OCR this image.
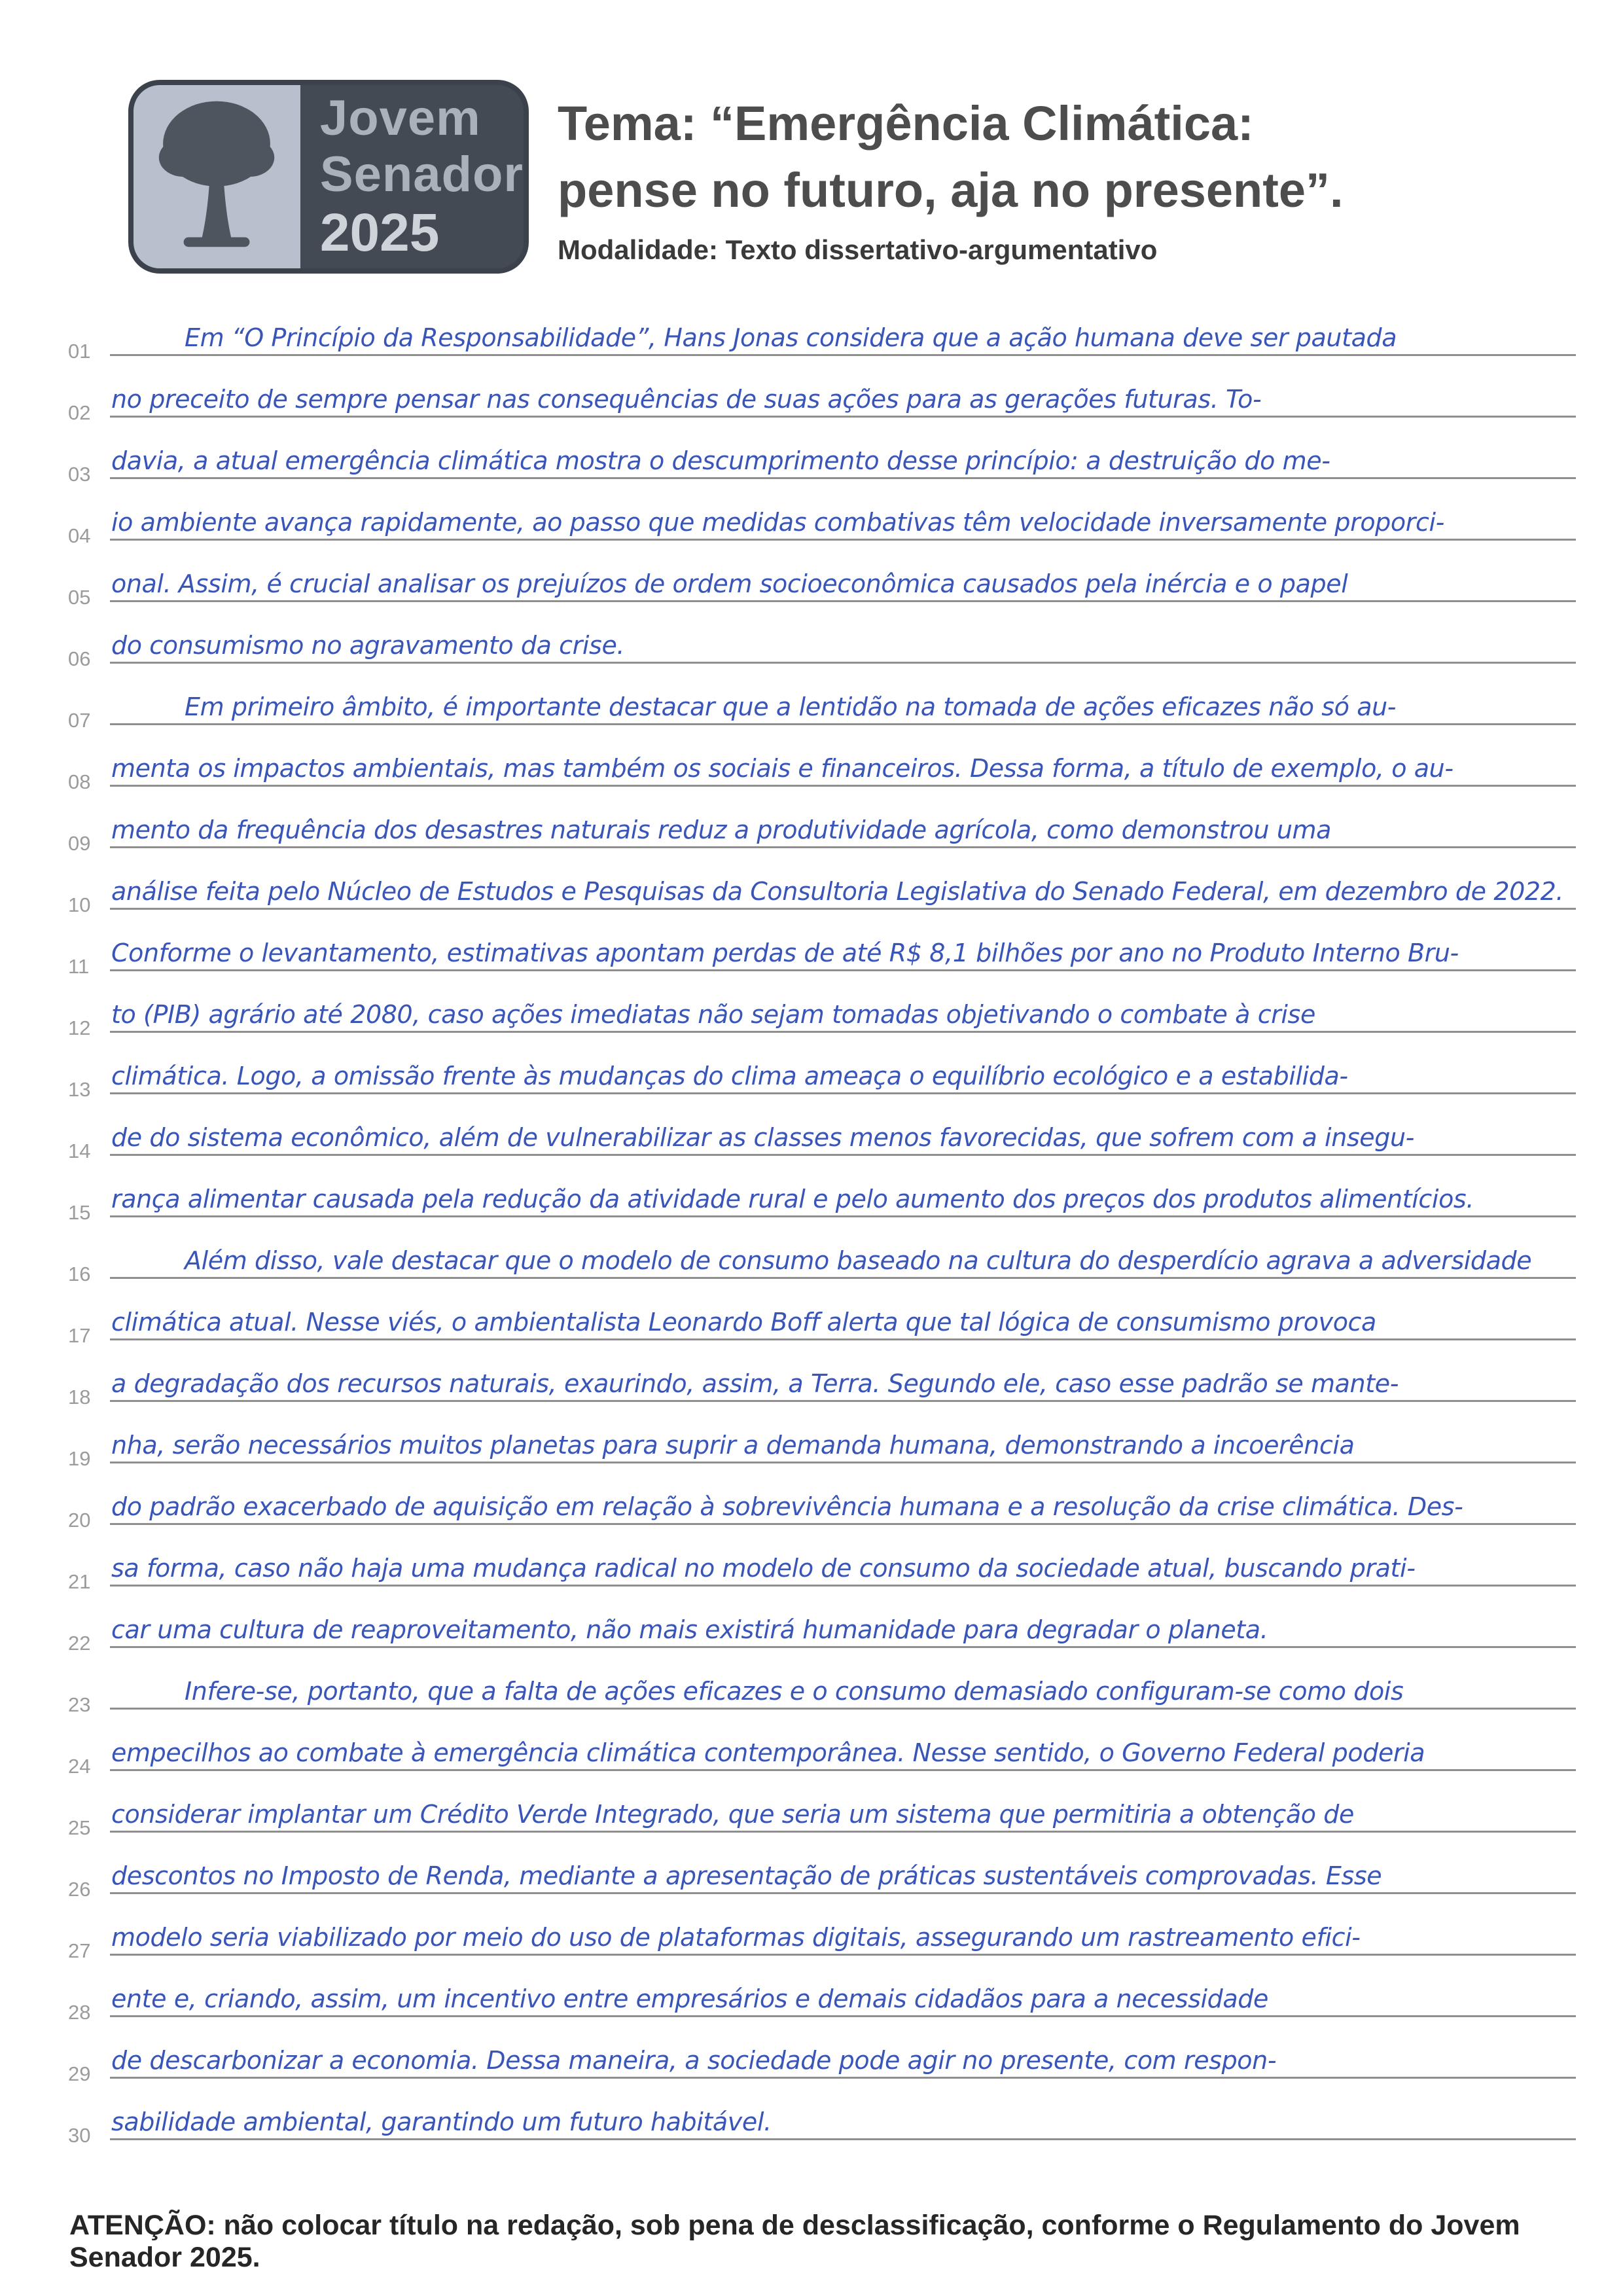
Jovem
Senador
2025
Tema: “Emergência Climática:
pense no futuro, aja no presente”.
Modalidade: Texto dissertativo-argumentativo
01	Em “O Princípio da Responsabilidade”, Hans Jonas considera que a ação humana deve ser pautada
02 no preceito de sempre pensar nas consequências de suas ações para as gerações futuras. To-
03 davia, a atual emergência climática mostra o descumprimento desse princípio: a destruição do me-
04 io ambiente avança rapidamente, ao passo que medidas combativas têm velocidade inversamente proporci-
05 onal. Assim, é crucial analisar os prejuízos de ordem socioeconômica causados pela inércia e o papel
06 do consumismo no agravamento da crise.
07	Em primeiro âmbito, é importante destacar que a lentidão na tomada de ações eficazes não só au-
08 menta os impactos ambientais, mas também os sociais e financeiros. Dessa forma, a título de exemplo, o au-
09 mento da frequência dos desastres naturais reduz a produtividade agrícola, como demonstrou uma
10 análise feita pelo Núcleo de Estudos e Pesquisas da Consultoria Legislativa do Senado Federal, em dezembro de 2022.
11 Conforme o levantamento, estimativas apontam perdas de até R$ 8,1 bilhões por ano no Produto Interno Bru-
12 to (PIB) agrário até 2080, caso ações imediatas não sejam tomadas objetivando o combate à crise
13 climática. Logo, a omissão frente às mudanças do clima ameaça o equilíbrio ecológico e a estabilida-
14 de do sistema econômico, além de vulnerabilizar as classes menos favorecidas, que sofrem com a insegu-
15 rança alimentar causada pela redução da atividade rural e pelo aumento dos preços dos produtos alimentícios.
16	Além disso, vale destacar que o modelo de consumo baseado na cultura do desperdício agrava a adversidade
17 climática atual. Nesse viés, o ambientalista Leonardo Boff alerta que tal lógica de consumismo provoca
18 a degradação dos recursos naturais, exaurindo, assim, a Terra. Segundo ele, caso esse padrão se mante-
19 nha, serão necessários muitos planetas para suprir a demanda humana, demonstrando a incoerência
20 do padrão exacerbado de aquisição em relação à sobrevivência humana e a resolução da crise climática. Des-
21 sa forma, caso não haja uma mudança radical no modelo de consumo da sociedade atual, buscando prati-
22 car uma cultura de reaproveitamento, não mais existirá humanidade para degradar o planeta.
23	Infere-se, portanto, que a falta de ações eficazes e o consumo demasiado configuram-se como dois
24 empecilhos ao combate à emergência climática contemporânea. Nesse sentido, o Governo Federal poderia
25 considerar implantar um Crédito Verde Integrado, que seria um sistema que permitiria a obtenção de
26 descontos no Imposto de Renda, mediante a apresentação de práticas sustentáveis comprovadas. Esse
27 modelo seria viabilizado por meio do uso de plataformas digitais, assegurando um rastreamento efici-
28 ente e, criando, assim, um incentivo entre empresários e demais cidadãos para a necessidade
29 de descarbonizar a economia. Dessa maneira, a sociedade pode agir no presente, com respon-
30 sabilidade ambiental, garantindo um futuro habitável.
ATENÇÃO: não colocar título na redação, sob pena de desclassificação, conforme o Regulamento do Jovem Senador 2025.
